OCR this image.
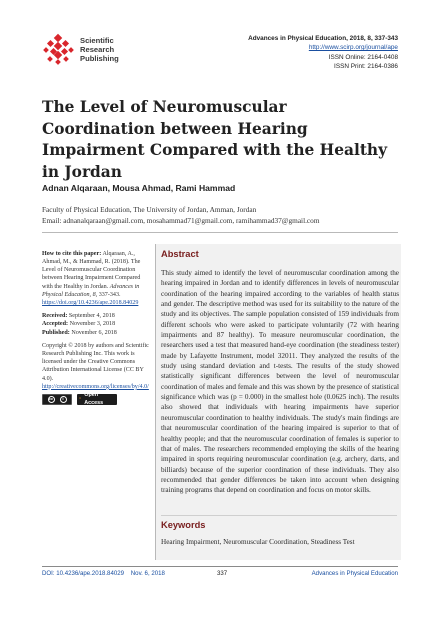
Scientific
Research
Publishing
Advances in Physical Education, 2018, 8, 337-343
http://www.scirp.org/journal/ape
ISSN Online: 2164-0408
ISSN Print: 2164-0386
The Level of Neuromuscular Coordination between Hearing Impairment Compared with the Healthy in Jordan
Adnan Alqaraan, Mousa Ahmad, Rami Hammad
Faculty of Physical Education, The University of Jordan, Amman, Jordan
Email: adnanalqaraan@gmail.com, mosahammad71@gmail.com, ramihammad37@gmail.com
How to cite this paper: Alqaraan, A., Ahmad, M., & Hammad, R. (2018). The Level of Neuromuscular Coordination between Hearing Impairment Compared with the Healthy in Jordan. Advances in Physical Education, 8, 337-343. https://doi.org/10.4236/ape.2018.84029
Received: September 4, 2018
Accepted: November 3, 2018
Published: November 6, 2018
Copyright © 2018 by authors and Scientific Research Publishing Inc. This work is licensed under the Creative Commons Attribution International License (CC BY 4.0). http://creativecommons.org/licenses/by/4.0/
cc	i	◦
Open Access
Abstract

This study aimed to identify the level of neuromuscular coordination among the hearing impaired in Jordan and to identify differences in levels of neuromuscular coordination of the hearing impaired according to the variables of health status and gender. The descriptive method was used for its suitability to the nature of the study and its objectives. The sample population consisted of 159 individuals from different schools who were asked to participate voluntarily (72 with hearing impairments and 87 healthy). To measure neuromuscular coordination, the researchers used a test that measured hand-eye coordination (the steadiness tester) made by Lafayette Instrument, model 32011. They analyzed the results of the study using standard deviation and t-tests. The results of the study showed statistically significant differences between the level of neuromuscular coordination of males and female and this was shown by the presence of statistical significance which was (p = 0.000) in the smallest hole (0.0625 inch). The results also showed that individuals with hearing impairments have superior neuromuscular coordination to healthy individuals. The study's main findings are that neuromuscular coordination of the hearing impaired is superior to that of healthy people; and that the neuromuscular coordination of females is superior to that of males. The researchers recommended employing the skills of the hearing impaired in sports requiring neuromuscular coordination (e.g. archery, darts, and billiards) because of the superior coordination of these individuals. They also recommended that gender differences be taken into account when designing training programs that depend on coordination and focus on motor skills.

Keywords
Hearing Impairment, Neuromuscular Coordination, Steadiness Test
DOI: 10.4236/ape.2018.84029 Nov. 6, 2018	337	Advances in Physical Education
